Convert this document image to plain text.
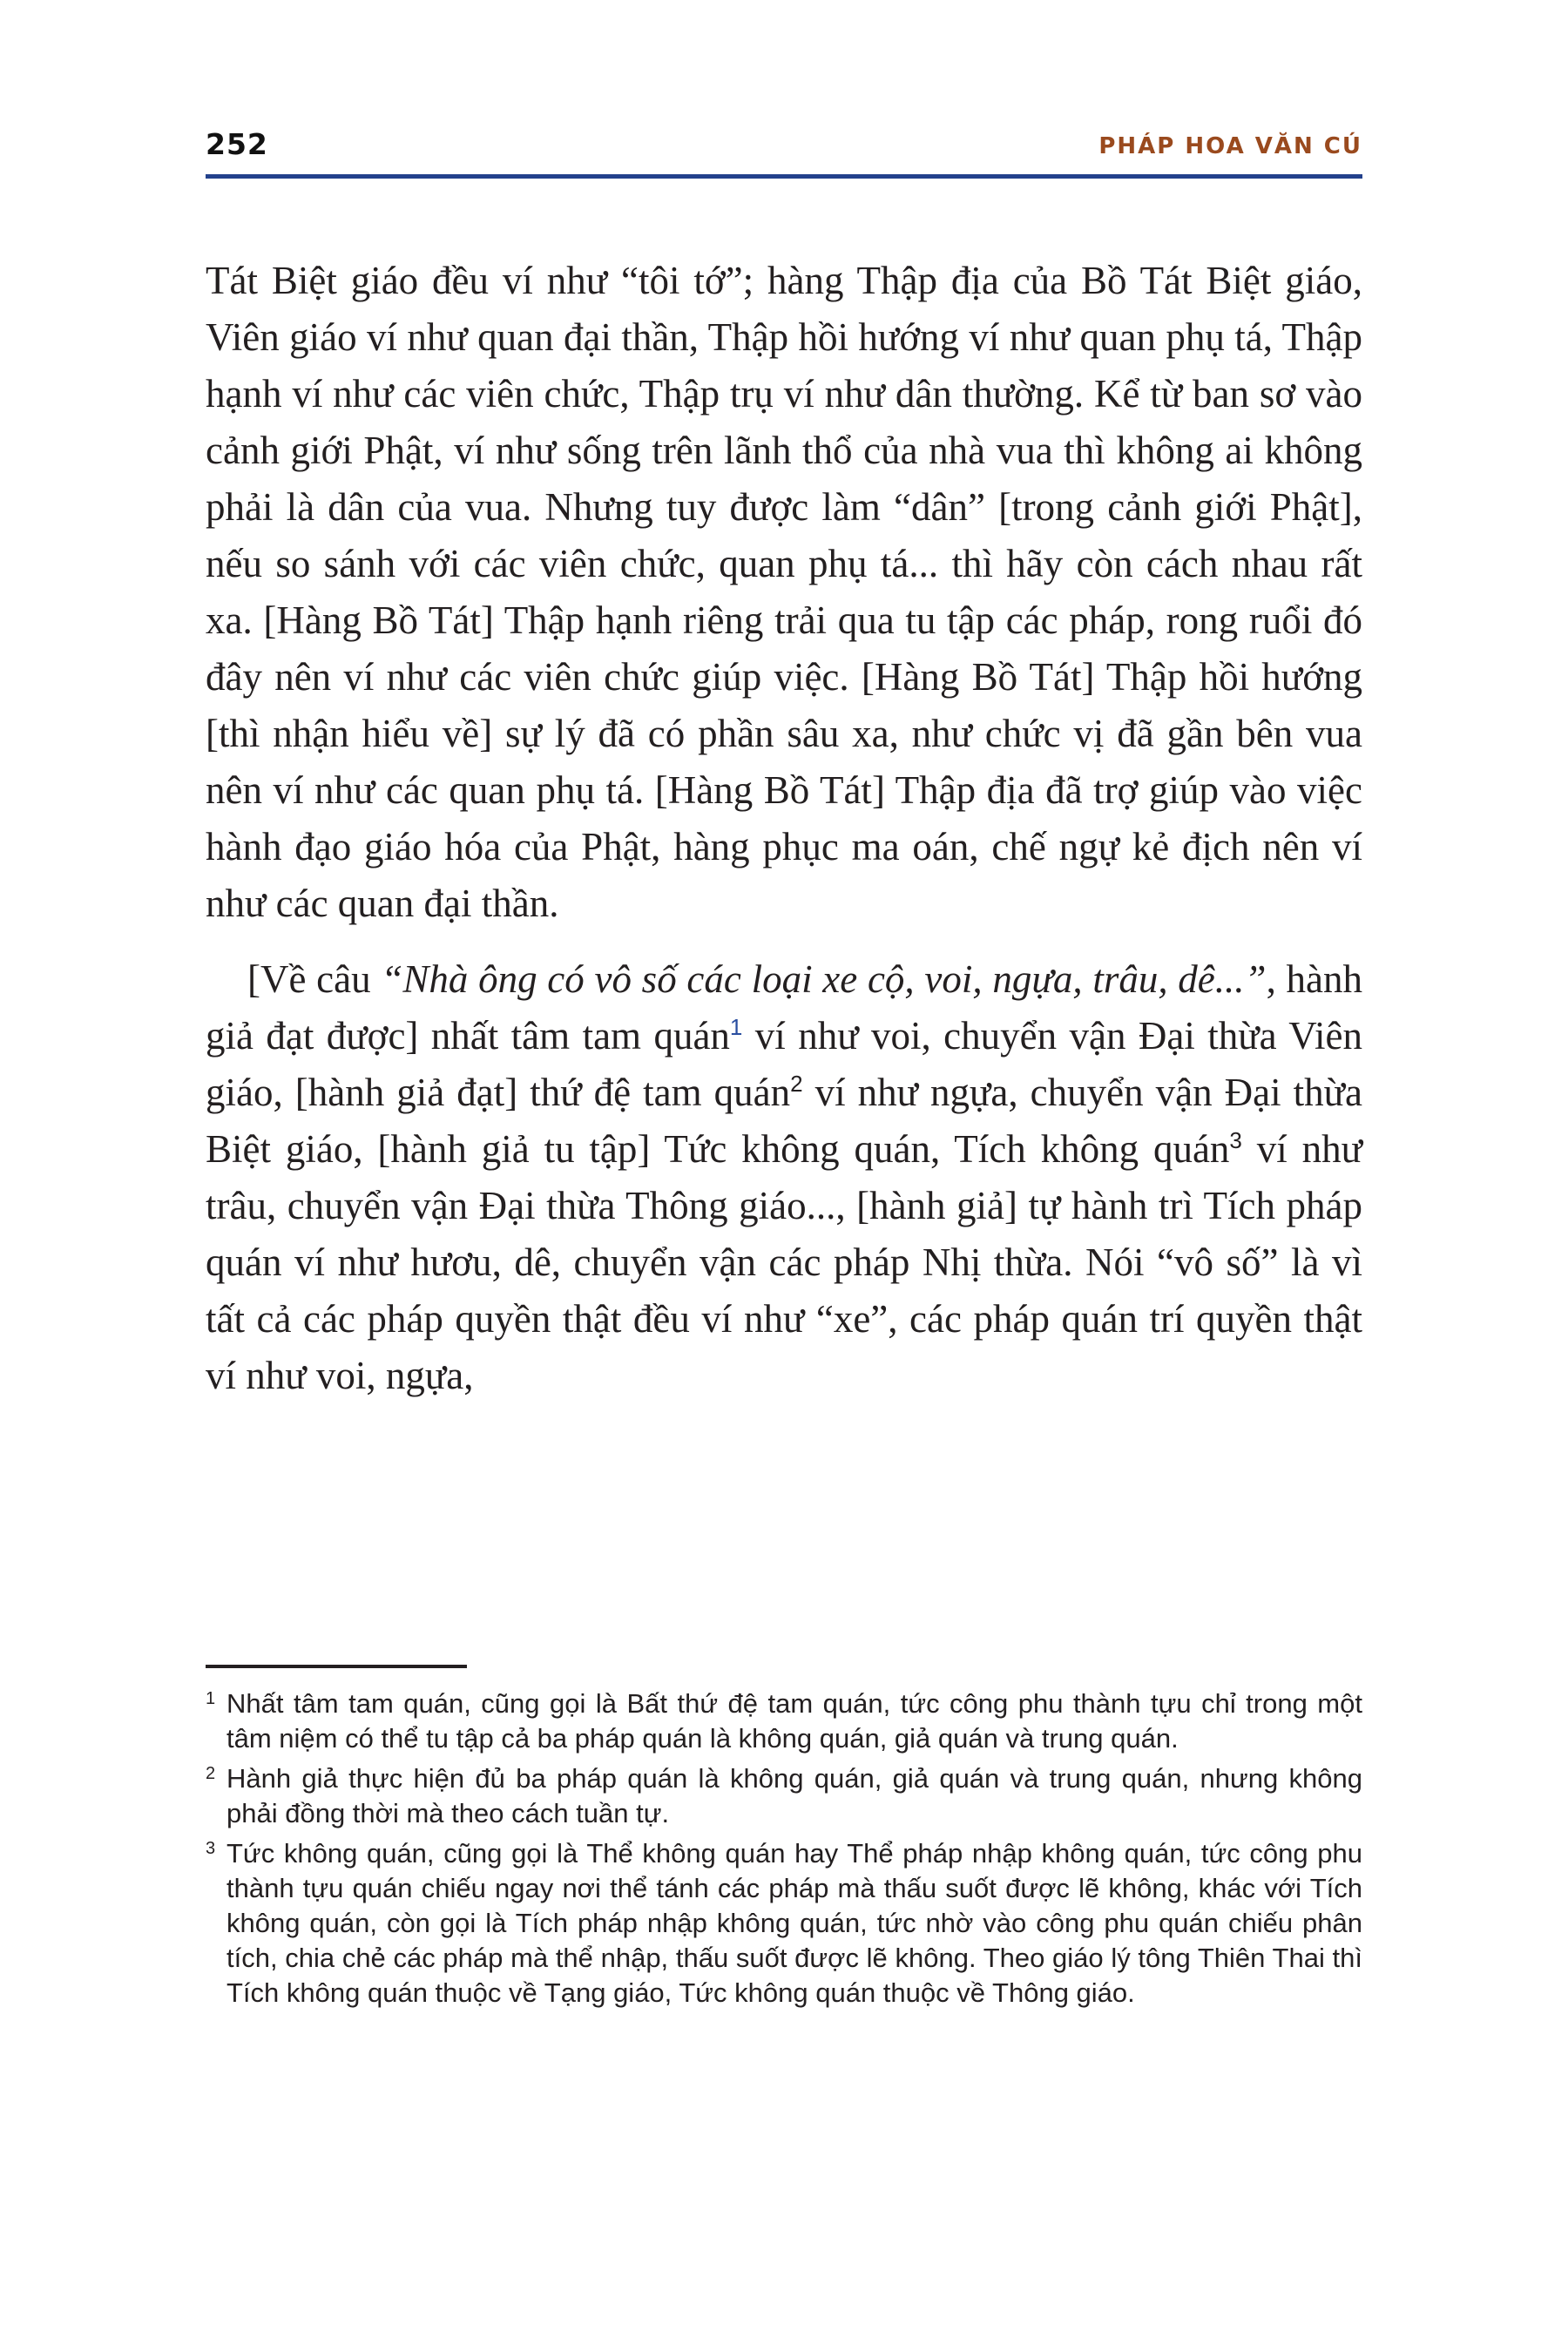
252	PHÁP HOA VĂN CÚ

Tát Biệt giáo đều ví như “tôi tớ”; hàng Thập địa của Bồ Tát Biệt giáo, Viên giáo ví như quan đại thần, Thập hồi hướng ví như quan phụ tá, Thập hạnh ví như các viên chức, Thập trụ ví như dân thường. Kể từ ban sơ vào cảnh giới Phật, ví như sống trên lãnh thổ của nhà vua thì không ai không phải là dân của vua. Nhưng tuy được làm “dân” [trong cảnh giới Phật], nếu so sánh với các viên chức, quan phụ tá... thì hãy còn cách nhau rất xa. [Hàng Bồ Tát] Thập hạnh riêng trải qua tu tập các pháp, rong ruổi đó đây nên ví như các viên chức giúp việc. [Hàng Bồ Tát] Thập hồi hướng [thì nhận hiểu về] sự lý đã có phần sâu xa, như chức vị đã gần bên vua nên ví như các quan phụ tá. [Hàng Bồ Tát] Thập địa đã trợ giúp vào việc hành đạo giáo hóa của Phật, hàng phục ma oán, chế ngự kẻ địch nên ví như các quan đại thần.

[Về câu “Nhà ông có vô số các loại xe cộ, voi, ngựa, trâu, dê...”, hành giả đạt được] nhất tâm tam quán$^1$ ví như voi, chuyển vận Đại thừa Viên giáo, [hành giả đạt] thứ đệ tam quán$^2$ ví như ngựa, chuyển vận Đại thừa Biệt giáo, [hành giả tu tập] Tức không quán, Tích không quán$^3$ ví như trâu, chuyển vận Đại thừa Thông giáo..., [hành giả] tự hành trì Tích pháp quán ví như hươu, dê, chuyển vận các pháp Nhị thừa. Nói “vô số” là vì tất cả các pháp quyền thật đều ví như “xe”, các pháp quán trí quyền thật ví như voi, ngựa,

1 Nhất tâm tam quán, cũng gọi là Bất thứ đệ tam quán, tức công phu thành tựu chỉ trong một tâm niệm có thể tu tập cả ba pháp quán là không quán, giả quán và trung quán.
2 Hành giả thực hiện đủ ba pháp quán là không quán, giả quán và trung quán, nhưng không phải đồng thời mà theo cách tuần tự.
3 Tức không quán, cũng gọi là Thể không quán hay Thể pháp nhập không quán, tức công phu thành tựu quán chiếu ngay nơi thể tánh các pháp mà thấu suốt được lẽ không, khác với Tích không quán, còn gọi là Tích pháp nhập không quán, tức nhờ vào công phu quán chiếu phân tích, chia chẻ các pháp mà thể nhập, thấu suốt được lẽ không. Theo giáo lý tông Thiên Thai thì Tích không quán thuộc về Tạng giáo, Tức không quán thuộc về Thông giáo.
